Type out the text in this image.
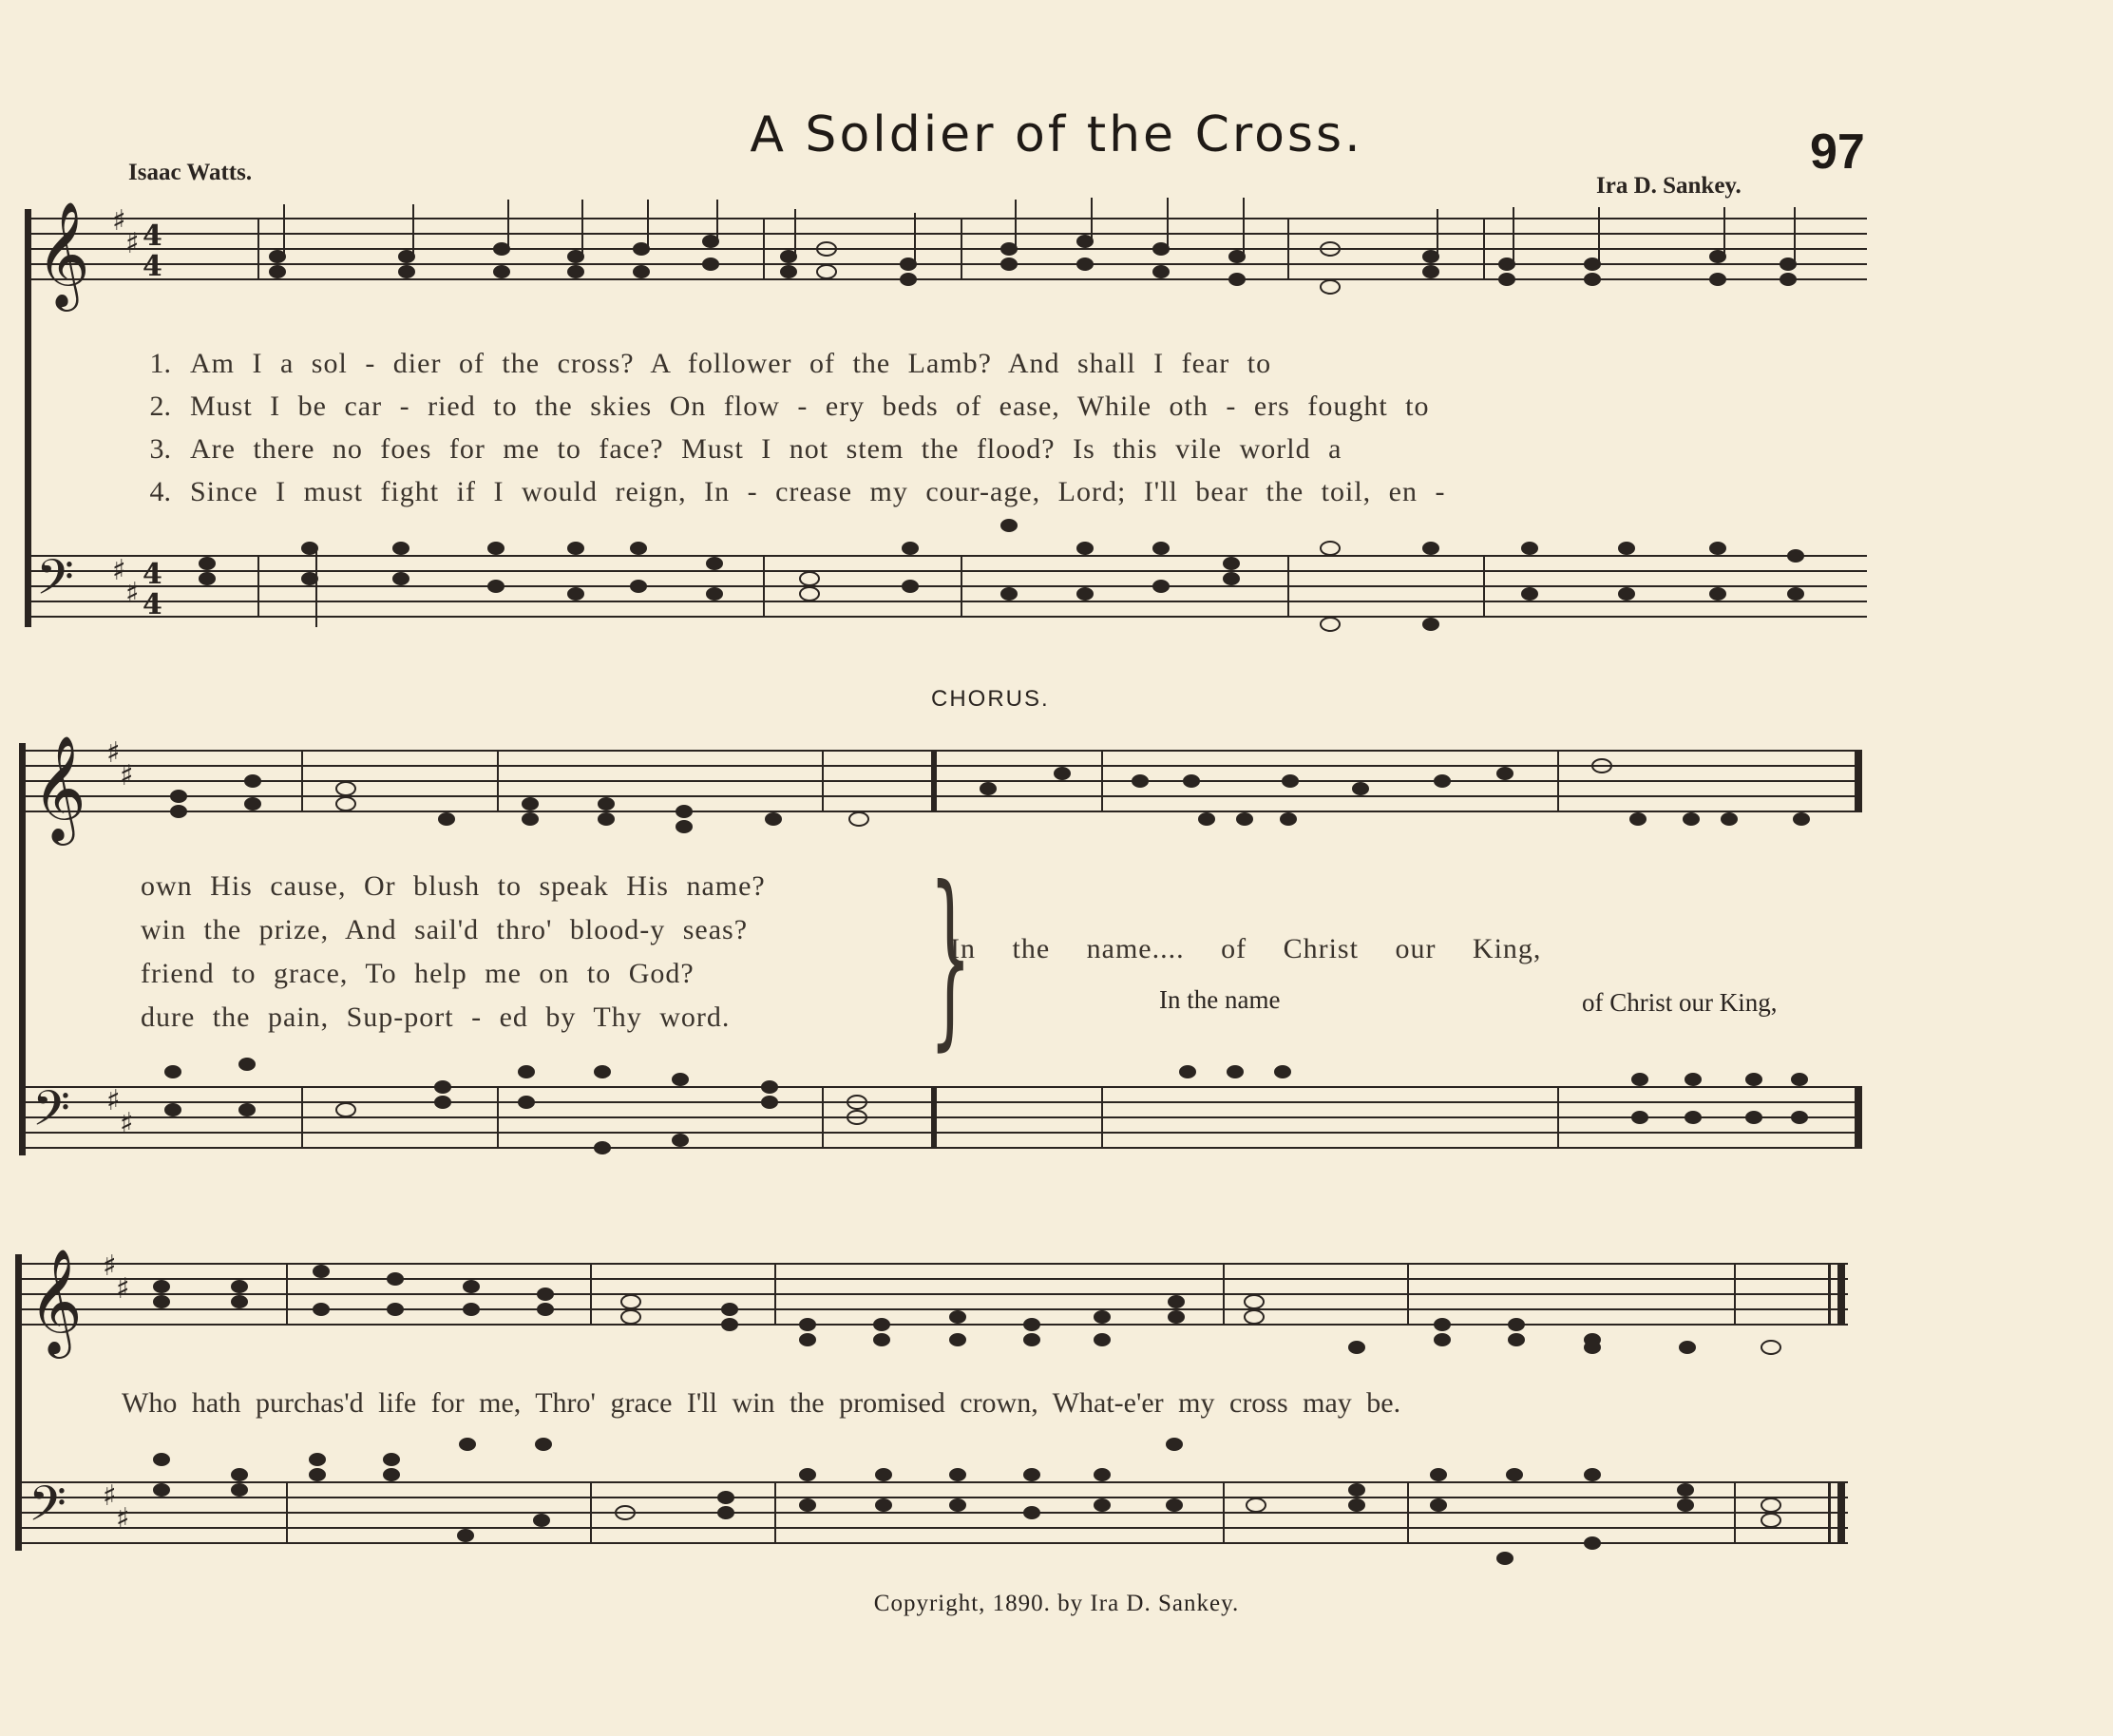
A Soldier of the Cross.	97
Isaac Watts.
Ira D. Sankey.
𝄞
𝄢
𝄞
𝄢
𝄞
𝄢
♯
♯
♯
♯
♯
♯
♯
♯
♯
♯
♯
♯
4
4
4
4
1. Am I a sol - dier of the cross? A follower of the Lamb? And shall I fear to
2. Must I be car - ried to the skies On flow - ery beds of ease, While oth - ers fought to
3. Are there no foes for me to face? Must I not stem the flood? Is this vile world a
4. Since I must fight if I would reign, In - crease my cour-age, Lord; I'll bear the toil, en -
CHORUS.
own His cause, Or blush to speak His name?
win the prize, And sail'd thro' blood-y seas?
friend to grace, To help me on to God?
dure the pain, Sup-port - ed by Thy word. }
In the name.... of Christ our King,
In the name	of Christ our King,
Who hath purchas'd life for me, Thro' grace I'll win the promised crown, What-e'er my cross may be.
Copyright, 1890. by Ira D. Sankey.
